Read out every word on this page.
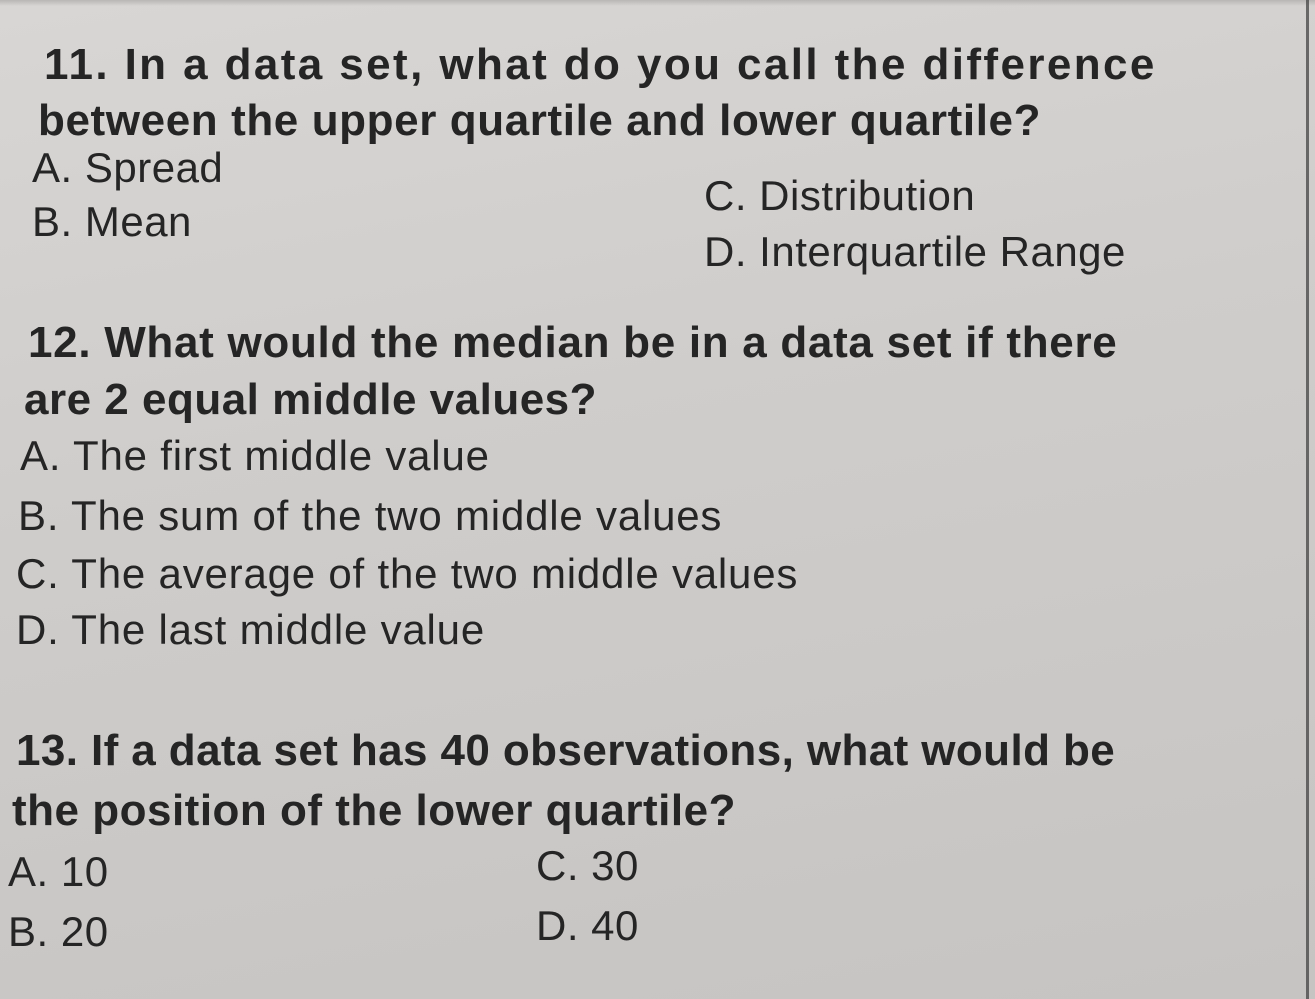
11. In a data set, what do you call the difference
between the upper quartile and lower quartile?
A. Spread
B. Mean
C. Distribution
D. Interquartile Range
12. What would the median be in a data set if there
are 2 equal middle values?
A. The first middle value
B. The sum of the two middle values
C. The average of the two middle values
D. The last middle value
13. If a data set has 40 observations, what would be
the position of the lower quartile?
A. 10
B. 20
C. 30
D. 40
